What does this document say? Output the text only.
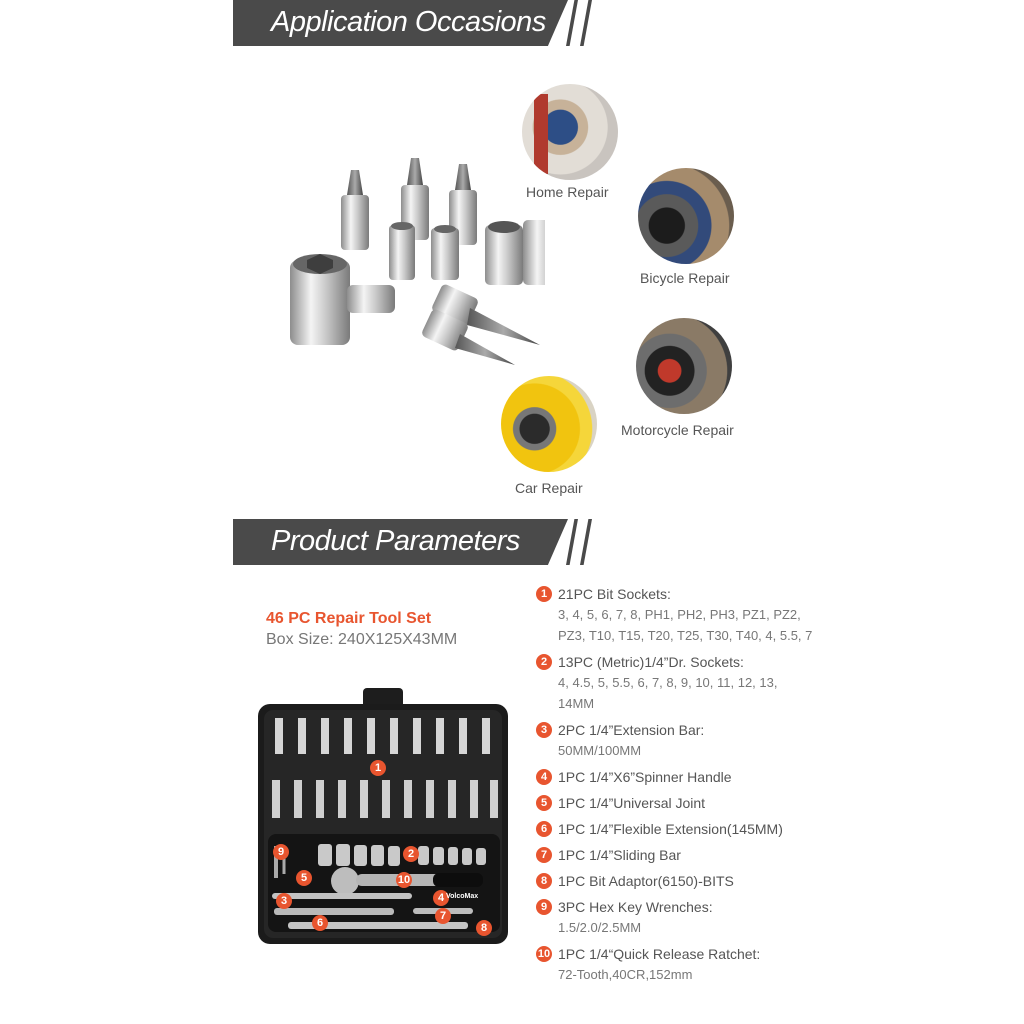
Application Occasions
Home Repair
Bicycle Repair
Motorcycle Repair
Car Repair
Product Parameters
46 PC Repair Tool Set
Box Size: 240X125X43MM
1
2
3	4
5
6
7
8
9
10
VolcoMax
1 21PC Bit Sockets:
3, 4, 5, 6, 7, 8, PH1, PH2, PH3, PZ1, PZ2, PZ3, T10, T15, T20, T25, T30, T40, 4, 5.5, 7
2 13PC (Metric)1/4”Dr. Sockets:
4, 4.5, 5, 5.5, 6, 7, 8, 9, 10, 11, 12, 13, 14MM
3 2PC 1/4”Extension Bar:
50MM/100MM
4 1PC 1/4”X6”Spinner Handle
5 1PC 1/4”Universal Joint
6 1PC 1/4”Flexible Extension(145MM)
7 1PC 1/4”Sliding Bar
8 1PC Bit Adaptor(6150)-BITS
9 3PC Hex Key Wrenches:
1.5/2.0/2.5MM
10 1PC 1/4“Quick Release Ratchet:
72-Tooth,40CR,152mm
